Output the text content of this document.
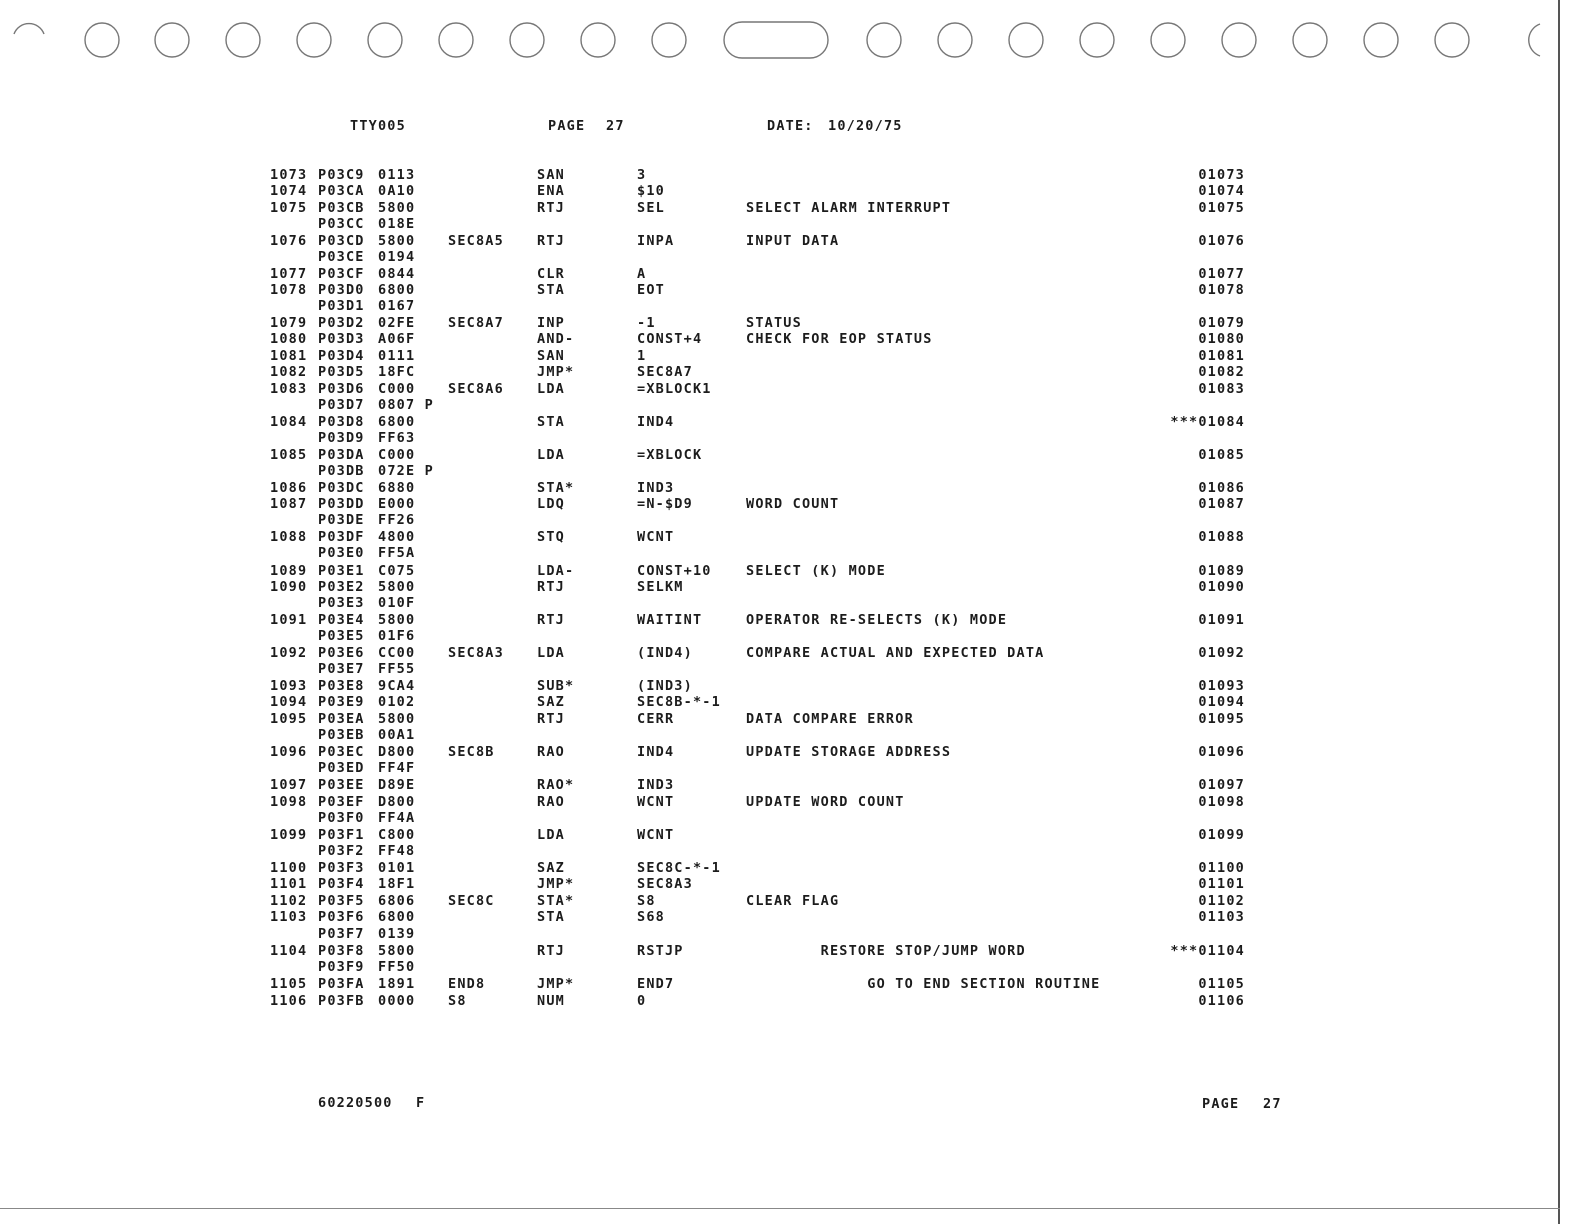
TTY005	PAGE 27	DATE: 10/20/75
1073 P03C9 0113	SAN	3	01073
1074 P03CA 0A10	ENA	$10	01074
1075 P03CB 5800	RTJ	SEL	SELECT ALARM INTERRUPT	01075
P03CC 018E
1076 P03CD 5800 SEC8A5 RTJ	INPA	INPUT DATA	01076
P03CE 0194
1077 P03CF 0844	CLR	A	01077
1078 P03D0 6800	STA	EOT	01078
P03D1 0167
1079 P03D2 02FE SEC8A7 INP	-1	STATUS	01079
1080 P03D3 A06F	AND-	CONST+4	CHECK FOR EOP STATUS	01080
1081 P03D4 0111	SAN	1	01081
1082 P03D5 18FC	JMP*	SEC8A7	01082
1083 P03D6 C000 SEC8A6 LDA	=XBLOCK1	01083
P03D7 0807 P
1084 P03D8 6800	STA	IND4	***01084
P03D9 FF63
1085 P03DA C000	LDA	=XBLOCK	01085
P03DB 072E P
1086 P03DC 6880	STA*	IND3	01086
1087 P03DD E000	LDQ	=N-$D9	WORD COUNT	01087
P03DE FF26
1088 P03DF 4800	STQ	WCNT	01088
P03E0 FF5A
1089 P03E1 C075	LDA-	CONST+10	SELECT (K) MODE	01089
1090 P03E2 5800	RTJ	SELKM	01090
P03E3 010F
1091 P03E4 5800	RTJ	WAITINT	OPERATOR RE-SELECTS (K) MODE	01091
P03E5 01F6
1092 P03E6 CC00 SEC8A3 LDA	(IND4)	COMPARE ACTUAL AND EXPECTED DATA	01092
P03E7 FF55
1093 P03E8 9CA4	SUB*	(IND3)	01093
1094 P03E9 0102	SAZ	SEC8B-*-1	01094
1095 P03EA 5800	RTJ	CERR	DATA COMPARE ERROR	01095
P03EB 00A1
1096 P03EC D800 SEC8B	RAO	IND4	UPDATE STORAGE ADDRESS	01096
P03ED FF4F
1097 P03EE D89E	RAO*	IND3	01097
1098 P03EF D800	RAO	WCNT	UPDATE WORD COUNT	01098
P03F0 FF4A
1099 P03F1 C800	LDA	WCNT	01099
P03F2 FF48
1100 P03F3 0101	SAZ	SEC8C-*-1	01100
1101 P03F4 18F1	JMP*	SEC8A3	01101
1102 P03F5 6806 SEC8C	STA*	S8	CLEAR FLAG	01102
1103 P03F6 6800	STA	S68	01103
P03F7 0139
1104 P03F8 5800	RTJ	RSTJP	RESTORE STOP/JUMP WORD	***01104
P03F9 FF50
1105 P03FA 1891 END8	JMP*	END7	GO TO END SECTION ROUTINE	01105
1106 P03FB 0000 S8	NUM	0	01106
60220500 F	PAGE 27
